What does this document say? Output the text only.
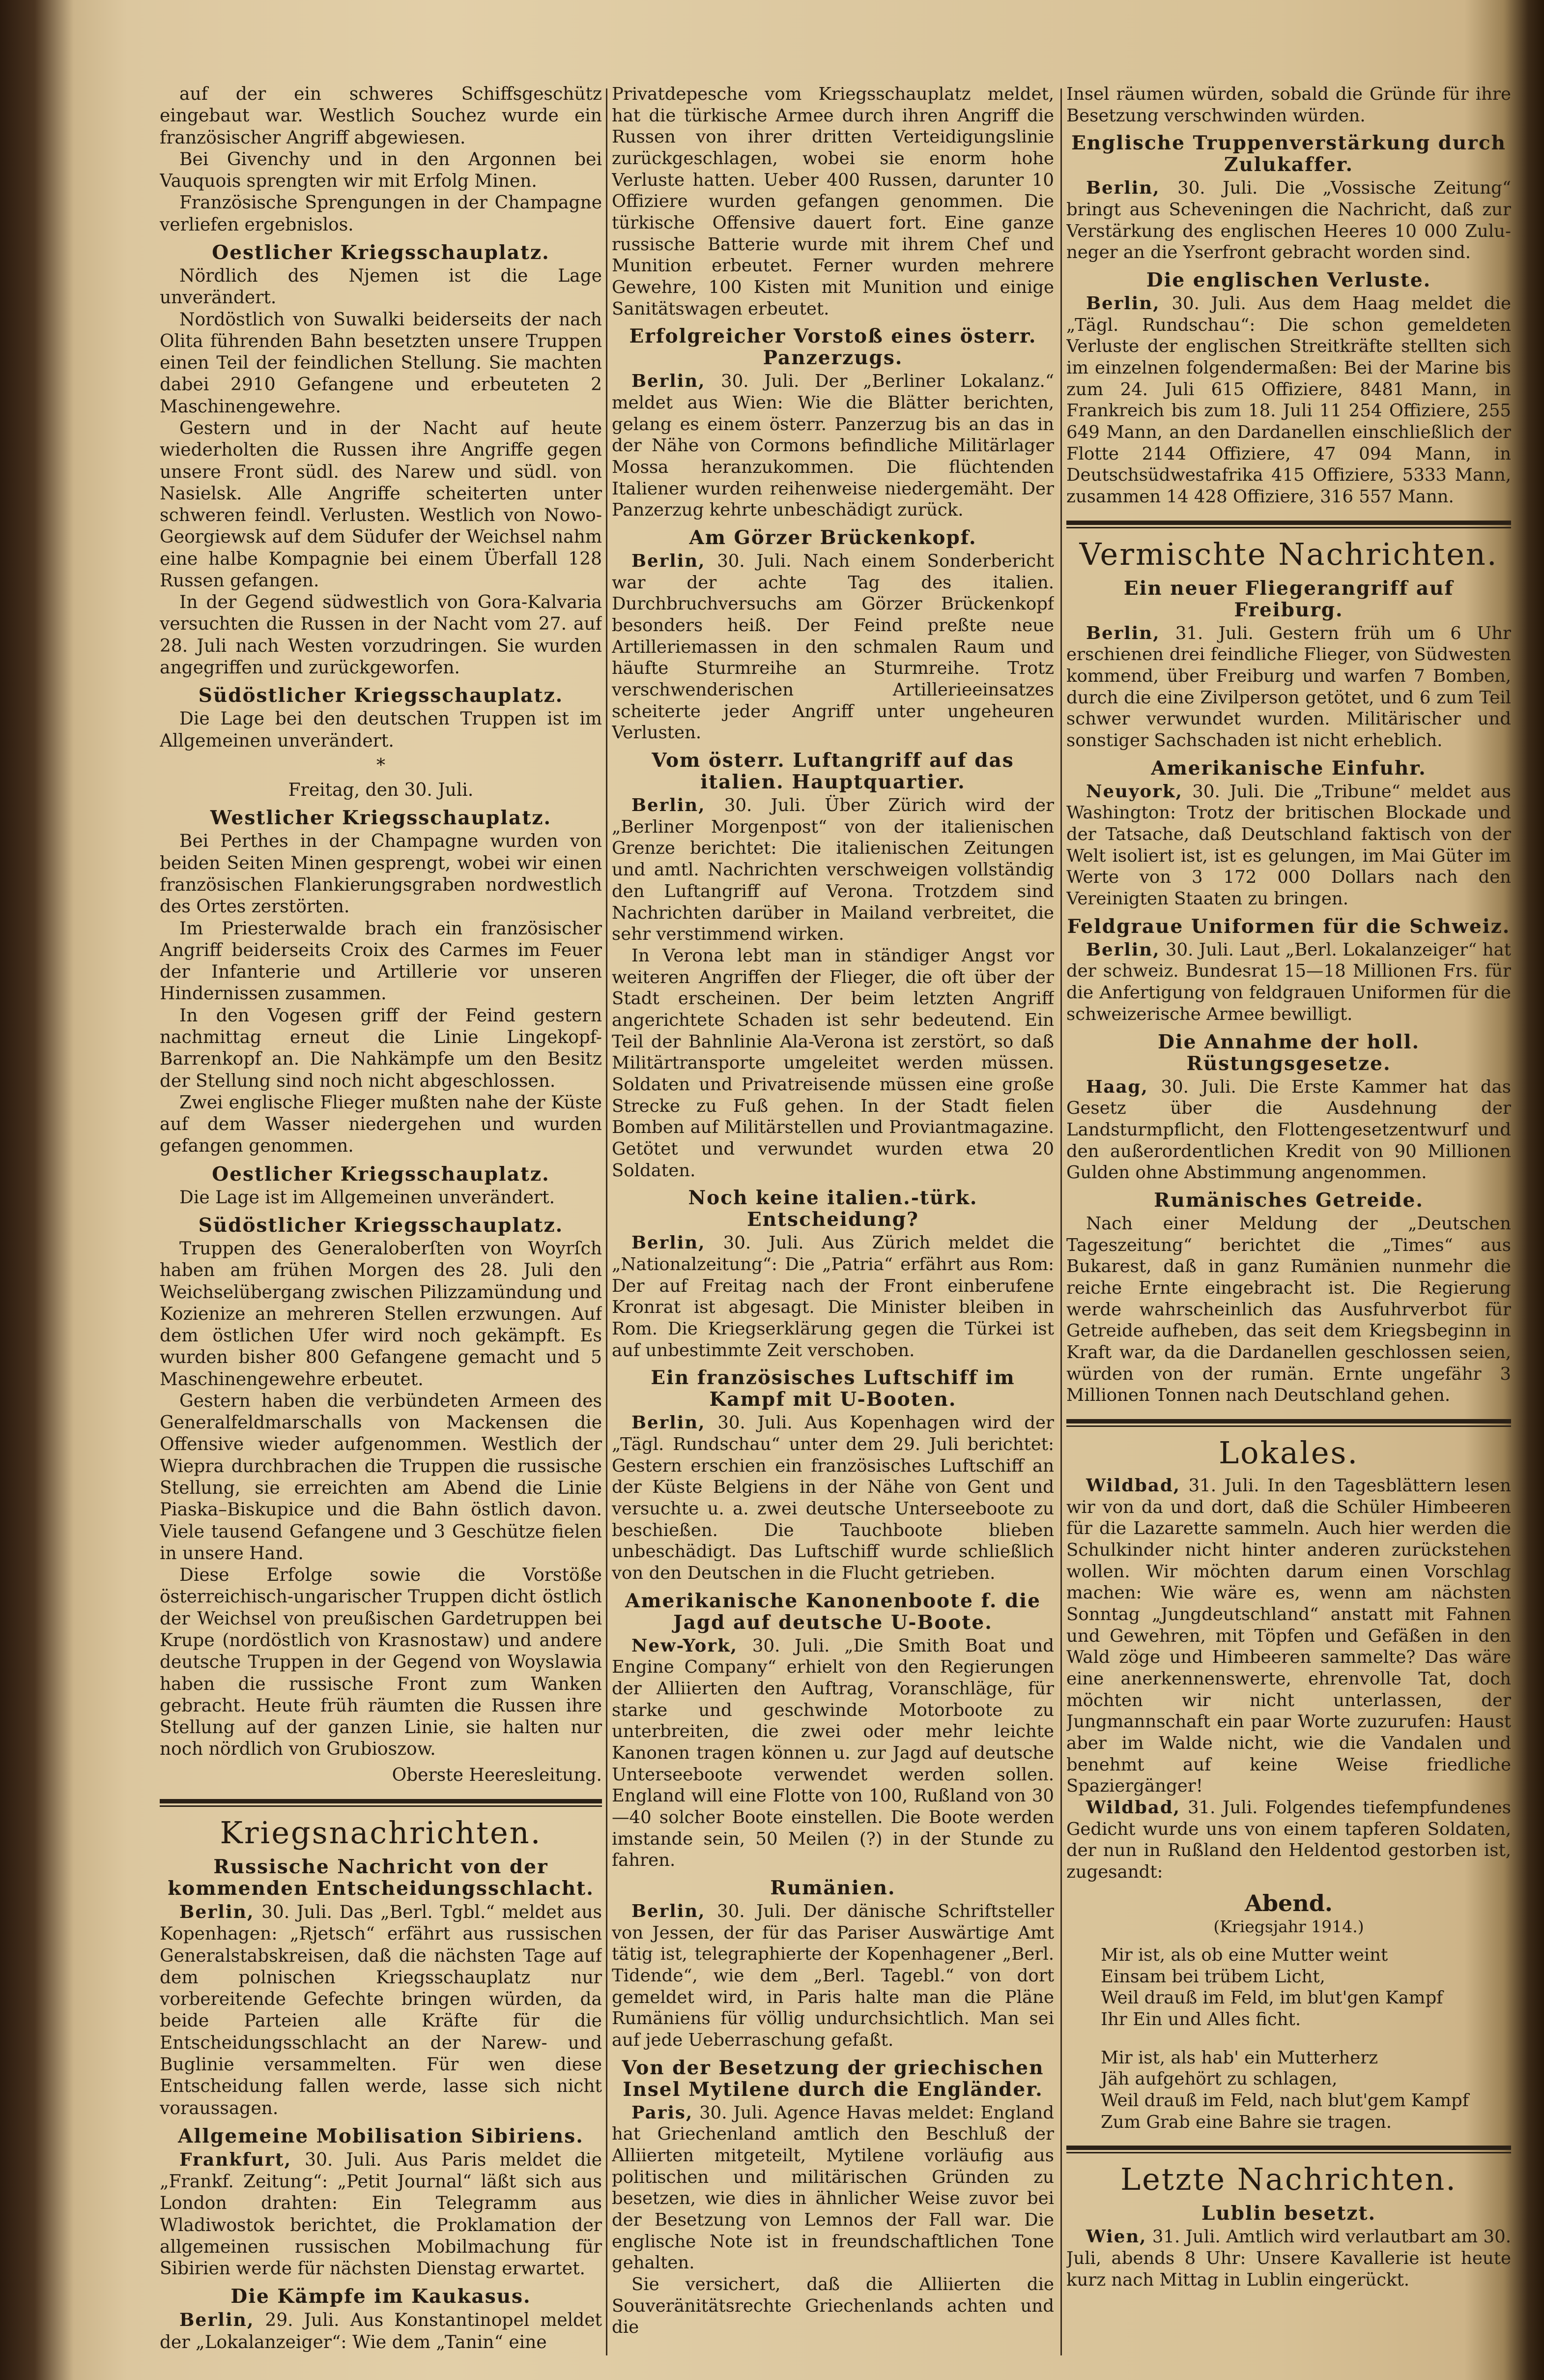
auf der ein schweres Schiffsgeschütz eingebaut war. Westlich Souchez wurde ein französischer Angriff abgewiesen.

Bei Givenchy und in den Argonnen bei Vauquois sprengten wir mit Erfolg Minen.

Französische Sprengungen in der Champagne verliefen ergebnislos.

Oestlicher Kriegsschauplatz.

Nördlich des Njemen ist die Lage unverändert.

Nordöstlich von Suwalki beiderseits der nach Olita führenden Bahn besetzten unsere Truppen einen Teil der feindlichen Stellung. Sie machten dabei 2910 Gefangene und erbeuteten 2 Maschinengewehre.

Gestern und in der Nacht auf heute wiederholten die Russen ihre Angriffe gegen unsere Front südl. des Narew und südl. von Nasielsk. Alle Angriffe scheiterten unter schweren feindl. Verlusten. Westlich von Nowo-Georgiewsk auf dem Südufer der Weichsel nahm eine halbe Kompagnie bei einem Überfall 128 Russen gefangen.

In der Gegend südwestlich von Gora-Kalvaria versuchten die Russen in der Nacht vom 27. auf 28. Juli nach Westen vorzudringen. Sie wurden angegriffen und zurückgeworfen.

Südöstlicher Kriegsschauplatz.

Die Lage bei den deutschen Truppen ist im Allgemeinen unverändert.

*
Freitag, den 30. Juli.
Westlicher Kriegsschauplatz.

Bei Perthes in der Champagne wurden von beiden Seiten Minen gesprengt, wobei wir einen französischen Flankierungsgraben nordwestlich des Ortes zerstörten.

Im Priesterwalde brach ein französischer Angriff beiderseits Croix des Carmes im Feuer der Infanterie und Artillerie vor unseren Hindernissen zusammen.

In den Vogesen griff der Feind gestern nachmittag erneut die Linie Lingekopf-Barrenkopf an. Die Nahkämpfe um den Besitz der Stellung sind noch nicht abgeschlossen.

Zwei englische Flieger mußten nahe der Küste auf dem Wasser niedergehen und wurden gefangen genommen.

Oestlicher Kriegsschauplatz.

Die Lage ist im Allgemeinen unverändert.

Südöstlicher Kriegsschauplatz.

Truppen des Generaloberſten von Woyrſch haben am frühen Morgen des 28. Juli den Weichselübergang zwischen Pilizzamündung und Kozienize an mehreren Stellen erzwungen. Auf dem östlichen Ufer wird noch gekämpft. Es wurden bisher 800 Gefangene gemacht und 5 Maschinengewehre erbeutet.

Gestern haben die verbündeten Armeen des Generalfeldmarschalls von Mackensen die Offensive wieder aufgenommen. Westlich der Wiepra durchbrachen die Truppen die russische Stellung, sie erreichten am Abend die Linie Piaska–Biskupice und die Bahn östlich davon. Viele tausend Gefangene und 3 Geschütze fielen in unsere Hand.

Diese Erfolge sowie die Vorstöße österreichisch-ungarischer Truppen dicht östlich der Weichsel von preußischen Gardetruppen bei Krupe (nordöstlich von Krasnostaw) und andere deutsche Truppen in der Gegend von Woyslawia haben die russische Front zum Wanken gebracht. Heute früh räumten die Russen ihre Stellung auf der ganzen Linie, sie halten nur noch nördlich von Grubioszow.

Oberste Heeresleitung.
Kriegsnachrichten.
Russische Nachricht von der kommenden Entscheidungsschlacht.

Berlin, 30. Juli. Das „Berl. Tgbl.“ meldet aus Kopenhagen: „Rjetsch“ erfährt aus russischen Generalstabskreisen, daß die nächsten Tage auf dem polnischen Kriegsschauplatz nur vorbereitende Gefechte bringen würden, da beide Parteien alle Kräfte für die Entscheidungsschlacht an der Narew- und Buglinie versammelten. Für wen diese Entscheidung fallen werde, lasse sich nicht voraussagen.

Allgemeine Mobilisation Sibiriens.

Frankfurt, 30. Juli. Aus Paris meldet die „Frankf. Zeitung“: „Petit Journal“ läßt sich aus London drahten: Ein Telegramm aus Wladiwostok berichtet, die Proklamation der allgemeinen russischen Mobilmachung für Sibirien werde für nächsten Dienstag erwartet.

Die Kämpfe im Kaukasus.

Berlin, 29. Juli. Aus Konstantinopel meldet der „Lokalanzeiger“: Wie dem „Tanin“ eine

Privatdepesche vom Kriegsschauplatz meldet, hat die türkische Armee durch ihren Angriff die Russen von ihrer dritten Verteidigungslinie zurückgeschlagen, wobei sie enorm hohe Verluste hatten. Ueber 400 Russen, darunter 10 Offiziere wurden gefangen genommen. Die türkische Offensive dauert fort. Eine ganze russische Batterie wurde mit ihrem Chef und Munition erbeutet. Ferner wurden mehrere Gewehre, 100 Kisten mit Munition und einige Sanitätswagen erbeutet.

Erfolgreicher Vorstoß eines österr. Panzerzugs.

Berlin, 30. Juli. Der „Berliner Lokalanz.“ meldet aus Wien: Wie die Blätter berichten, gelang es einem österr. Panzerzug bis an das in der Nähe von Cormons befindliche Militärlager Mossa heranzukommen. Die flüchtenden Italiener wurden reihenweise niedergemäht. Der Panzerzug kehrte unbeschädigt zurück.

Am Görzer Brückenkopf.

Berlin, 30. Juli. Nach einem Sonderbericht war der achte Tag des italien. Durchbruchversuchs am Görzer Brückenkopf besonders heiß. Der Feind preßte neue Artilleriemassen in den schmalen Raum und häufte Sturmreihe an Sturmreihe. Trotz verschwenderischen Artillerieeinsatzes scheiterte jeder Angriff unter ungeheuren Verlusten.

Vom österr. Luftangriff auf das italien. Hauptquartier.

Berlin, 30. Juli. Über Zürich wird der „Berliner Morgenpost“ von der italienischen Grenze berichtet: Die italienischen Zeitungen und amtl. Nachrichten verschweigen vollständig den Luftangriff auf Verona. Trotzdem sind Nachrichten darüber in Mailand verbreitet, die sehr verstimmend wirken.

In Verona lebt man in ständiger Angst vor weiteren Angriffen der Flieger, die oft über der Stadt erscheinen. Der beim letzten Angriff angerichtete Schaden ist sehr bedeutend. Ein Teil der Bahnlinie Ala-Verona ist zerstört, so daß Militärtransporte umgeleitet werden müssen. Soldaten und Privatreisende müssen eine große Strecke zu Fuß gehen. In der Stadt fielen Bomben auf Militärstellen und Proviantmagazine. Getötet und verwundet wurden etwa 20 Soldaten.

Noch keine italien.-türk. Entscheidung?

Berlin, 30. Juli. Aus Zürich meldet die „Nationalzeitung“: Die „Patria“ erfährt aus Rom: Der auf Freitag nach der Front einberufene Kronrat ist abgesagt. Die Minister bleiben in Rom. Die Kriegserklärung gegen die Türkei ist auf unbestimmte Zeit verschoben.

Ein französisches Luftschiff im Kampf mit U-Booten.

Berlin, 30. Juli. Aus Kopenhagen wird der „Tägl. Rundschau“ unter dem 29. Juli berichtet: Gestern erschien ein französisches Luftschiff an der Küste Belgiens in der Nähe von Gent und versuchte u. a. zwei deutsche Unterseeboote zu beschießen. Die Tauchboote blieben unbeschädigt. Das Luftschiff wurde schließlich von den Deutschen in die Flucht getrieben.

Amerikanische Kanonenboote f. die Jagd auf deutsche U-Boote.

New-York, 30. Juli. „Die Smith Boat und Engine Company“ erhielt von den Regierungen der Alliierten den Auftrag, Voranschläge, für starke und geschwinde Motorboote zu unterbreiten, die zwei oder mehr leichte Kanonen tragen können u. zur Jagd auf deutsche Unterseeboote verwendet werden sollen. England will eine Flotte von 100, Rußland von 30—40 solcher Boote einstellen. Die Boote werden imstande sein, 50 Meilen (?) in der Stunde zu fahren.

Rumänien.

Berlin, 30. Juli. Der dänische Schriftsteller von Jessen, der für das Pariser Auswärtige Amt tätig ist, telegraphierte der Kopenhagener „Berl. Tidende“, wie dem „Berl. Tagebl.“ von dort gemeldet wird, in Paris halte man die Pläne Rumäniens für völlig undurchsichtlich. Man sei auf jede Ueberraschung gefaßt.

Von der Besetzung der griechischen Insel Mytilene durch die Engländer.

Paris, 30. Juli. Agence Havas meldet: England hat Griechenland amtlich den Beschluß der Alliierten mitgeteilt, Mytilene vorläufig aus politischen und militärischen Gründen zu besetzen, wie dies in ähnlicher Weise zuvor bei der Besetzung von Lemnos der Fall war. Die englische Note ist in freundschaftlichen Tone gehalten.

Sie versichert, daß die Alliierten die Souveränitätsrechte Griechenlands achten und die

Insel räumen würden, sobald die Gründe für ihre Besetzung verschwinden würden.

Englische Truppenverstärkung durch Zulukaffer.

Berlin, 30. Juli. Die „Vossische Zeitung“ bringt aus Scheveningen die Nachricht, daß zur Verstärkung des englischen Heeres 10 000 Zulu-neger an die Yserfront gebracht worden sind.

Die englischen Verluste.

Berlin, 30. Juli. Aus dem Haag meldet die „Tägl. Rundschau“: Die schon gemeldeten Verluste der englischen Streitkräfte stellten sich im einzelnen folgendermaßen: Bei der Marine bis zum 24. Juli 615 Offiziere, 8481 Mann, in Frankreich bis zum 18. Juli 11 254 Offiziere, 255 649 Mann, an den Dardanellen einschließlich der Flotte 2144 Offiziere, 47 094 Mann, in Deutschsüdwestafrika 415 Offiziere, 5333 Mann, zusammen 14 428 Offiziere, 316 557 Mann.

Vermischte Nachrichten.
Ein neuer Fliegerangriff auf Freiburg.

Berlin, 31. Juli. Gestern früh um 6 Uhr erschienen drei feindliche Flieger, von Südwesten kommend, über Freiburg und warfen 7 Bomben, durch die eine Zivilperson getötet, und 6 zum Teil schwer verwundet wurden. Militärischer und sonstiger Sachschaden ist nicht erheblich.

Amerikanische Einfuhr.

Neuyork, 30. Juli. Die „Tribune“ meldet aus Washington: Trotz der britischen Blockade und der Tatsache, daß Deutschland faktisch von der Welt isoliert ist, ist es gelungen, im Mai Güter im Werte von 3 172 000 Dollars nach den Vereinigten Staaten zu bringen.

Feldgraue Uniformen für die Schweiz.

Berlin, 30. Juli. Laut „Berl. Lokalanzeiger“ hat der schweiz. Bundesrat 15—18 Millionen Frs. für die Anfertigung von feldgrauen Uniformen für die schweizerische Armee bewilligt.

Die Annahme der holl. Rüstungsgesetze.

Haag, 30. Juli. Die Erste Kammer hat das Gesetz über die Ausdehnung der Landsturmpflicht, den Flottengesetzentwurf und den außerordentlichen Kredit von 90 Millionen Gulden ohne Abstimmung angenommen.

Rumänisches Getreide.

Nach einer Meldung der „Deutschen Tageszeitung“ berichtet die „Times“ aus Bukarest, daß in ganz Rumänien nunmehr die reiche Ernte eingebracht ist. Die Regierung werde wahrscheinlich das Ausfuhrverbot für Getreide aufheben, das seit dem Kriegsbeginn in Kraft war, da die Dardanellen geschlossen seien, würden von der rumän. Ernte ungefähr 3 Millionen Tonnen nach Deutschland gehen.

Lokales.

Wildbad, 31. Juli. In den Tagesblättern lesen wir von da und dort, daß die Schüler Himbeeren für die Lazarette sammeln. Auch hier werden die Schulkinder nicht hinter anderen zurückstehen wollen. Wir möchten darum einen Vorschlag machen: Wie wäre es, wenn am nächsten Sonntag „Jungdeutschland“ anstatt mit Fahnen und Gewehren, mit Töpfen und Gefäßen in den Wald zöge und Himbeeren sammelte? Das wäre eine anerkennenswerte, ehrenvolle Tat, doch möchten wir nicht unterlassen, der Jungmannschaft ein paar Worte zuzurufen: Haust aber im Walde nicht, wie die Vandalen und benehmt auf keine Weise friedliche Spaziergänger!

Wildbad, 31. Juli. Folgendes tiefempfundenes Gedicht wurde uns von einem tapferen Soldaten, der nun in Rußland den Heldentod gestorben ist, zugesandt:

Abend.
(Kriegsjahr 1914.)

Mir ist, als ob eine Mutter weint

Einsam bei trübem Licht,

Weil drauß im Feld, im blut'gen Kampf

Ihr Ein und Alles ficht.

Mir ist, als hab' ein Mutterherz

Jäh aufgehört zu schlagen,

Weil drauß im Feld, nach blut'gem Kampf

Zum Grab eine Bahre sie tragen.

Letzte Nachrichten.
Lublin besetzt.

Wien, 31. Juli. Amtlich wird verlautbart am 30. Juli, abends 8 Uhr: Unsere Kavallerie ist heute kurz nach Mittag in Lublin eingerückt.
